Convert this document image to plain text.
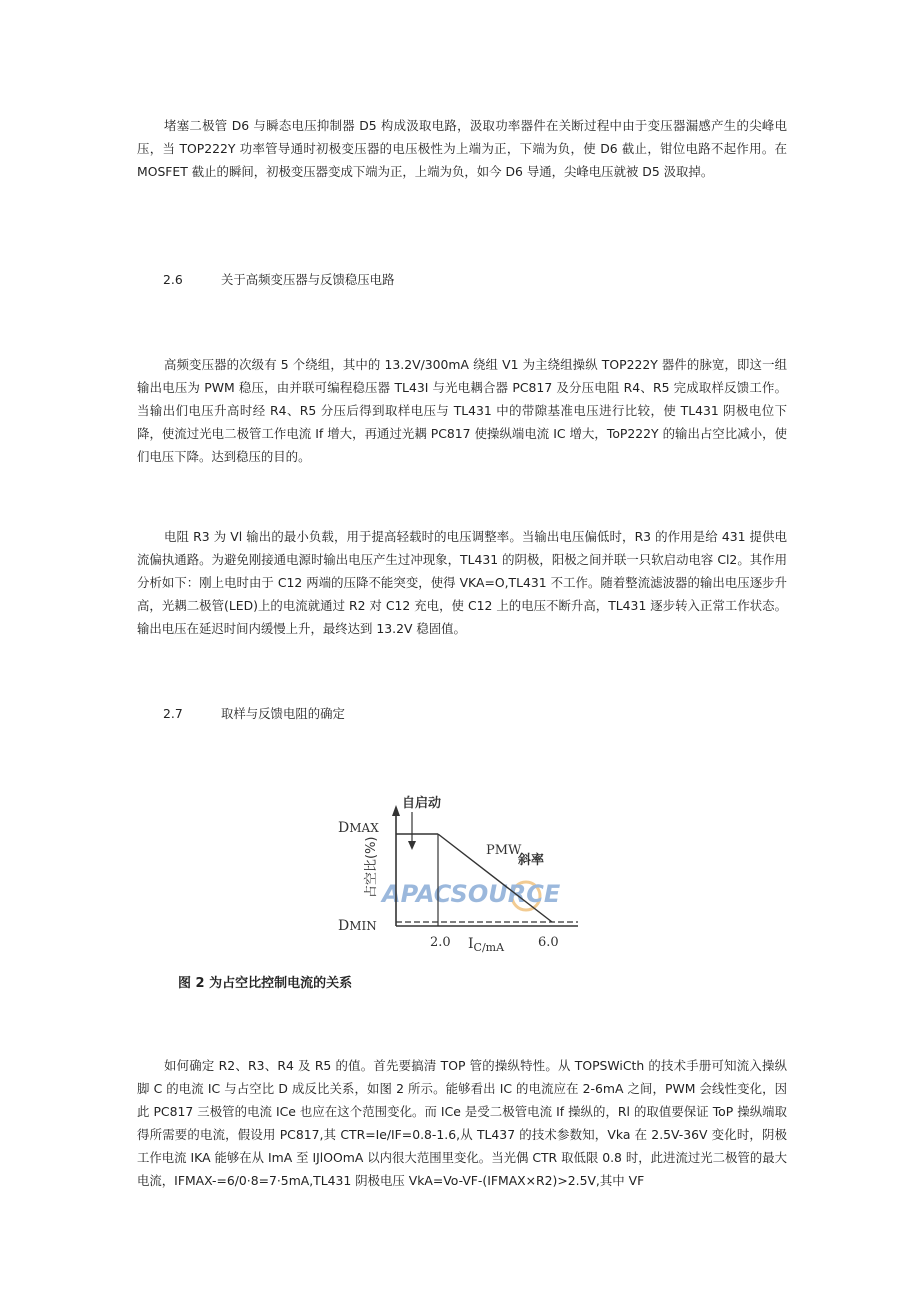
堵塞二极管 D6 与瞬态电压抑制器 D5 构成汲取电路，汲取功率器件在关断过程中由于变压器漏感产生的尖峰电压，当 TOP222Y 功率管导通时初极变压器的电压极性为上端为正，下端为负，使 D6 截止，钳位电路不起作用。在 MOSFET 截止的瞬间，初极变压器变成下端为正，上端为负，如今 D6 导通，尖峰电压就被 D5 汲取掉。

2.6	关于高频变压器与反馈稳压电路

高频变压器的次级有 5 个绕组，其中的 13.2V/300mA 绕组 V1 为主绕组操纵 TOP222Y 器件的脉宽，即这一组输出电压为 PWM 稳压，由并联可编程稳压器 TL43I 与光电耦合器 PC817 及分压电阻 R4、R5 完成取样反馈工作。当输出们电压升高时经 R4、R5 分压后得到取样电压与 TL431 中的带隙基准电压进行比较，使 TL431 阴极电位下降，使流过光电二极管工作电流 If 增大，再通过光耦 PC817 使操纵端电流 IC 增大，ToP222Y 的输出占空比减小，使们电压下降。达到稳压的目的。

电阻 R3 为 Vl 输出的最小负载，用于提高轻载时的电压调整率。当输出电压偏低时，R3 的作用是给 431 提供电流偏执通路。为避免刚接通电源时输出电压产生过冲现象，TL431 的阴极，阳极之间并联一只软启动电容 Cl2。其作用分析如下：刚上电时由于 C12 两端的压降不能突变，使得 VKA=O,TL431 不工作。随着整流滤波器的输出电压逐步升高，光耦二极管(LED)上的电流就通过 R2 对 C12 充电，使 C12 上的电压不断升高，TL431 逐步转入正常工作状态。输出电压在延迟时间内缓慢上升，最终达到 13.2V 稳固值。

2.7	取样与反馈电阻的确定

APACSOURCE
DMAX
DMIN
占空比(%)
自启动
PMW
斜率
2.0	6.0
$I_{C/mA}$

图 2 为占空比控制电流的关系

如何确定 R2、R3、R4 及 R5 的值。首先要搞清 TOP 管的操纵特性。从 TOPSWiCth 的技术手册可知流入操纵脚 C 的电流 IC 与占空比 D 成反比关系，如图 2 所示。能够看出 IC 的电流应在 2-6mA 之间，PWM 会线性变化，因此 PC817 三极管的电流 ICe 也应在这个范围变化。而 ICe 是受二极管电流 If 操纵的，Rl 的取值要保证 ToP 操纵端取得所需要的电流，假设用 PC817,其 CTR=Ie/IF=0.8-1.6,从 TL437 的技术参数知，Vka 在 2.5V-36V 变化时，阴极工作电流 IKA 能够在从 ImA 至 IJlOOmA 以内很大范围里变化。当光偶 CTR 取低限 0.8 时，此进流过光二极管的最大电流，IFMAX-=6/0·8=7·5mA,TL431 阴极电压 VkA=Vo-VF-(IFMAX×R2)>2.5V,其中 VF
